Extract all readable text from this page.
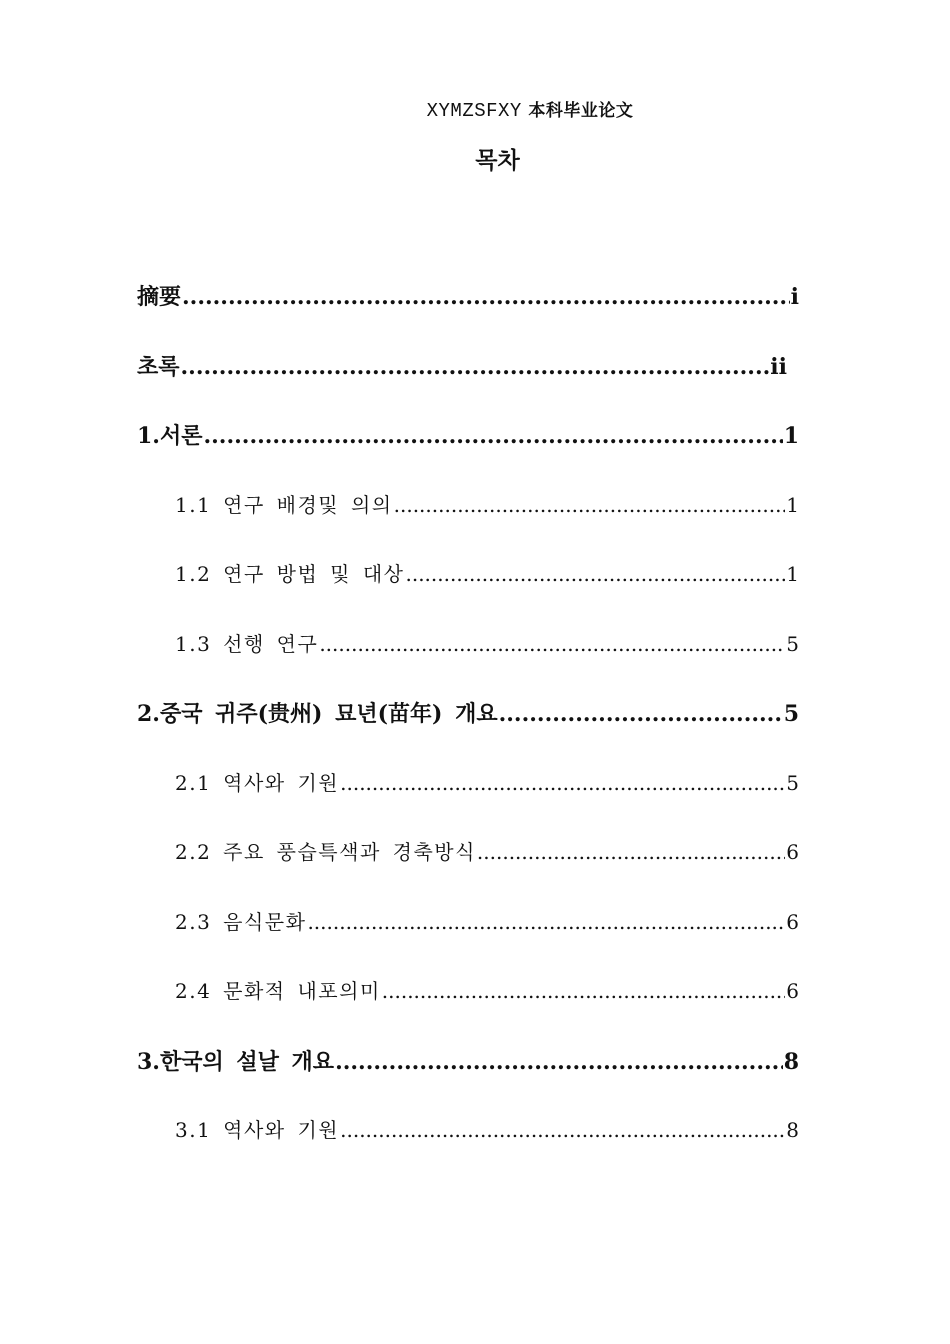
XYMZSFXY 本科毕业论文
목차
摘要 .....	i
초록 .....	ii
1.서론 .....	1
1.1 연구 배경및 의의 .....	1
1.2 연구 방법 및 대상 .....	1
1.3 선행 연구 .....	5
2.중국 귀주(贵州) 묘년(苗年) 개요 .....	5
2.1 역사와 기원 .....	5
2.2 주요 풍습특색과 경축방식 .....	6
2.3 음식문화 .....	6
2.4 문화적 내포의미 .....	6
3.한국의 설날 개요 .....	8
3.1 역사와 기원 .....	8
